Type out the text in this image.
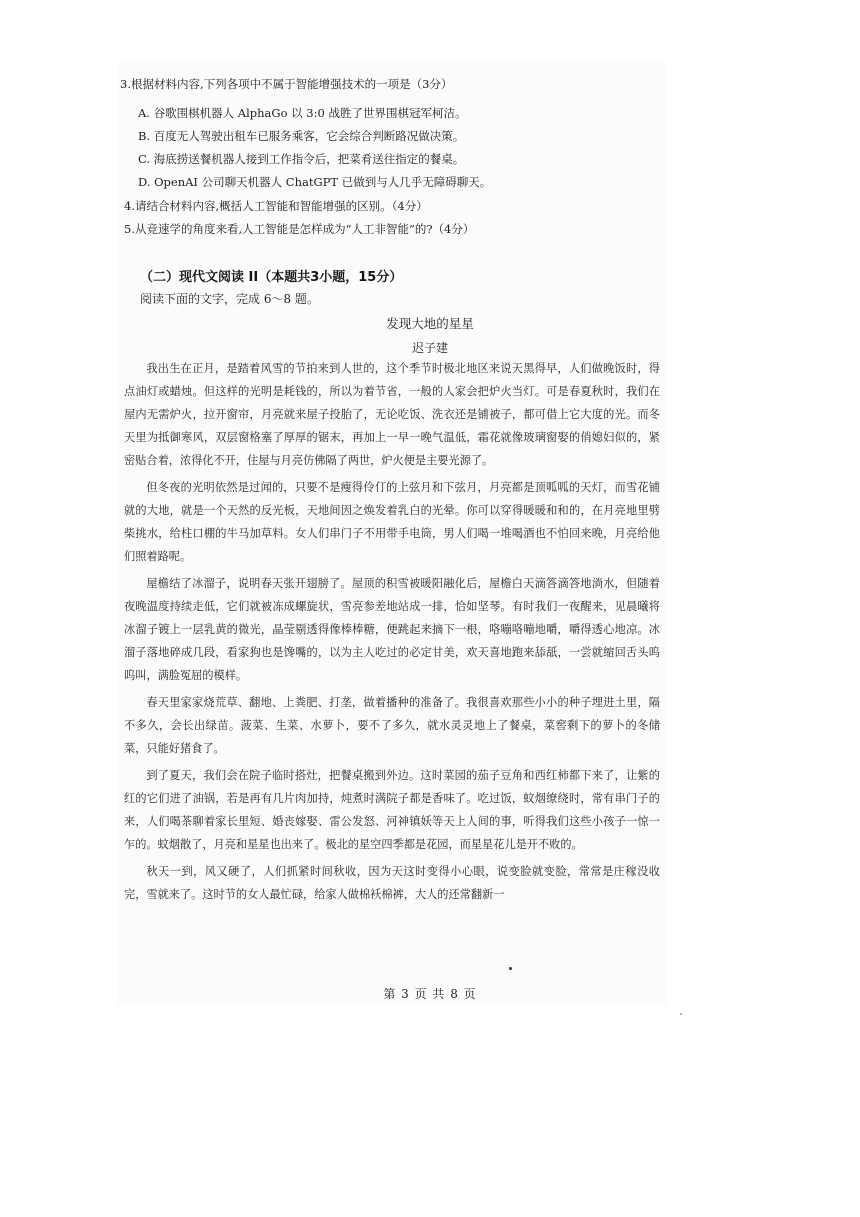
3.根据材料内容,下列各项中不属于智能增强技术的一项是（3分）
A. 谷歌围棋机器人 AlphaGo 以 3:0 战胜了世界围棋冠军柯洁。
B. 百度无人驾驶出租车已服务乘客，它会综合判断路况做决策。
C. 海底捞送餐机器人接到工作指令后，把菜肴送往指定的餐桌。
D. OpenAI 公司聊天机器人 ChatGPT 已做到与人几乎无障碍聊天。
4.请结合材料内容,概括人工智能和智能增强的区别。（4分）
5.从竞速学的角度来看,人工智能是怎样成为“人工非智能”的?（4分）
（二）现代文阅读 II（本题共3小题，15分）
阅读下面的文字，完成 6～8 题。
发现大地的星星
迟子建

我出生在正月，是踏着风雪的节拍来到人世的，这个季节时极北地区来说天黑得早，人们做晚饭时，得点油灯或蜡烛。但这样的光明是耗钱的，所以为着节省，一般的人家会把炉火当灯。可是春夏秋时，我们在屋内无需炉火，拉开窗帘，月亮就来屋子投胎了，无论吃饭、洗衣还是铺被子，都可借上它大度的光。而冬天里为抵御寒风，双层窗格塞了厚厚的锯末，再加上一早一晚气温低，霜花就像玻璃窗娶的俏媳妇似的，紧密贴合着，浓得化不开，住屋与月亮仿佛隔了两世，炉火便是主要光源了。

但冬夜的光明依然是过闻的，只要不是瘦得伶仃的上弦月和下弦月，月亮都是顶呱呱的天灯，而雪花铺就的大地，就是一个天然的反光板，天地间因之焕发着乳白的光晕。你可以穿得暖暖和和的，在月亮地里劈柴挑水，给柱口棚的牛马加草料。女人们串门子不用带手电筒，男人们喝一堆喝酒也不怕回来晚，月亮给他们照着路呢。

屋檐结了冰溜子，说明春天张开翅膀了。屋顶的积雪被暖阳融化后，屋檐白天滴答滴答地淌水，但随着夜晚温度持续走低，它们就被冻成螺旋状，雪亮参差地站成一排，恰如坚琴。有时我们一夜醒来，见晨曦将冰溜子镀上一层乳黄的微光，晶莹剔透得像棒棒糖，便跳起来摘下一根，咯嘣咯嘣地嚼，嚼得透心地凉。冰溜子落地碎成几段，看家狗也是馋嘴的，以为主人吃过的必定甘美，欢天喜地跑来舔舐，一尝就缩回舌头呜呜叫，满脸冤屈的模样。

春天里家家烧荒草、翻地、上粪肥、打垄，做着播种的准备了。我很喜欢那些小小的种子埋进土里，隔不多久，会长出绿苗。菠菜、生菜、水萝卜，要不了多久，就水灵灵地上了餐桌，菜窖剩下的萝卜的冬储菜，只能好猪食了。

到了夏天，我们会在院子临时搭灶，把餐桌搬到外边。这时菜园的茄子豆角和西红柿都下来了，让紫的红的它们进了油锅，若是再有几片肉加持，炖煮时满院子都是香味了。吃过饭，蚊烟缭绕时，常有串门子的来，人们喝茶聊着家长里短、婚丧嫁娶、雷公发怒、河神镇妖等天上人间的事，听得我们这些小孩子一惊一乍的。蚊烟散了，月亮和星星也出来了。极北的星空四季都是花园，而星星花儿是开不败的。

秋天一到，风又硬了，人们抓紧时间秋收，因为天这时变得小心眼，说变脸就变脸，常常是庄稼没收完，雪就来了。这时节的女人最忙碌，给家人做棉袄棉裤，大人的还常翻新一

第 3 页 共 8 页
